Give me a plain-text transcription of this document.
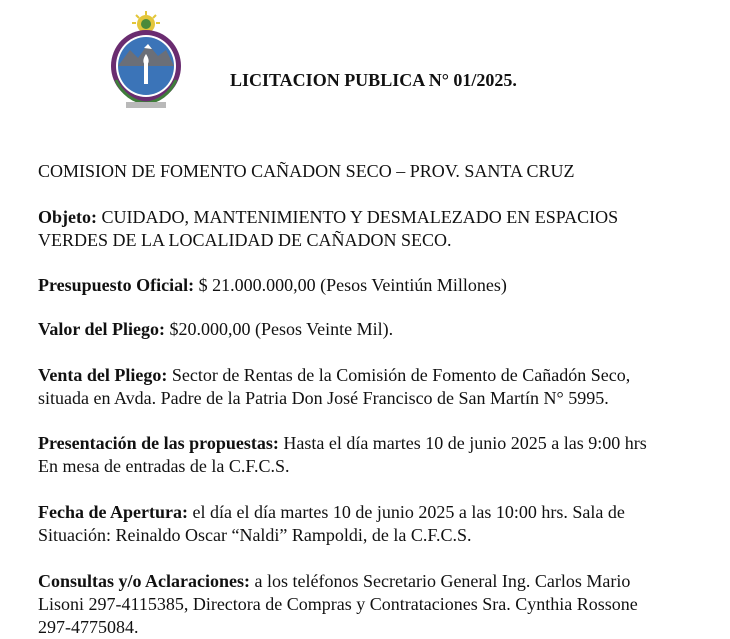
LICITACION PUBLICA N° 01/2025.
COMISION DE FOMENTO CAÑADON SECO – PROV. SANTA CRUZ
Objeto: CUIDADO, MANTENIMIENTO Y DESMALEZADO EN ESPACIOS
VERDES DE LA LOCALIDAD DE CAÑADON SECO.
Presupuesto Oficial: $ 21.000.000,00 (Pesos Veintiún Millones)
Valor del Pliego: $20.000,00 (Pesos Veinte Mil).
Venta del Pliego: Sector de Rentas de la Comisión de Fomento de Cañadón Seco,
situada en Avda. Padre de la Patria Don José Francisco de San Martín N° 5995.
Presentación de las propuestas: Hasta el día martes 10 de junio 2025 a las 9:00 hrs
En mesa de entradas de la C.F.C.S.
Fecha de Apertura: el día el día martes 10 de junio 2025 a las 10:00 hrs. Sala de
Situación: Reinaldo Oscar “Naldi” Rampoldi, de la C.F.C.S.
Consultas y/o Aclaraciones: a los teléfonos Secretario General Ing. Carlos Mario
Lisoni 297-4115385, Directora de Compras y Contrataciones Sra. Cynthia Rossone
297-4775084.
